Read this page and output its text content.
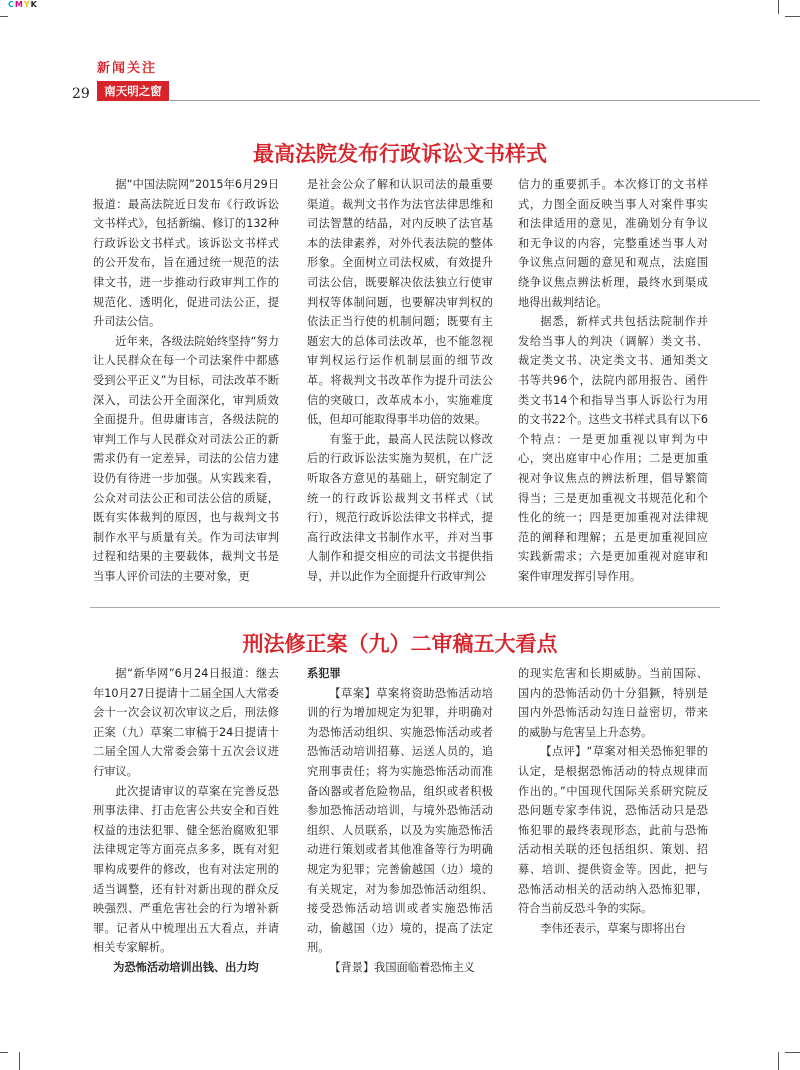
CMYK
新闻关注
29	南天明之窗
最高法院发布行政诉讼文书样式

据“中国法院网”2015年6月29日报道：最高法院近日发布《行政诉讼文书样式》，包括新编、修订的132种行政诉讼文书样式。该诉讼文书样式的公开发布，旨在通过统一规范的法律文书，进一步推动行政审判工作的规范化、透明化，促进司法公正，提升司法公信。

近年来，各级法院始终坚持“努力让人民群众在每一个司法案件中都感受到公平正义”为目标，司法改革不断深入，司法公开全面深化，审判质效全面提升。但毋庸讳言，各级法院的审判工作与人民群众对司法公正的新需求仍有一定差异，司法的公信力建设仍有待进一步加强。从实践来看，公众对司法公正和司法公信的质疑，既有实体裁判的原因，也与裁判文书制作水平与质量有关。作为司法审判过程和结果的主要载体，裁判文书是当事人评价司法的主要对象，更

是社会公众了解和认识司法的最重要渠道。裁判文书作为法官法律思维和司法智慧的结晶，对内反映了法官基本的法律素养，对外代表法院的整体形象。全面树立司法权威，有效提升司法公信，既要解决依法独立行使审判权等体制问题，也要解决审判权的依法正当行使的机制问题；既要有主题宏大的总体司法改革，也不能忽视审判权运行运作机制层面的细节改革。将裁判文书改革作为提升司法公信的突破口，改革成本小，实施难度低，但却可能取得事半功倍的效果。

有鉴于此，最高人民法院以修改后的行政诉讼法实施为契机，在广泛听取各方意见的基础上，研究制定了统一的行政诉讼裁判文书样式（试行），规范行政诉讼法律文书样式，提高行政法律文书制作水平，并对当事人制作和提交相应的司法文书提供指导，并以此作为全面提升行政审判公

信力的重要抓手。本次修订的文书样式，力图全面反映当事人对案件事实和法律适用的意见，准确划分有争议和无争议的内容，完整重述当事人对争议焦点问题的意见和观点，法庭围绕争议焦点辨法析理，最终水到渠成地得出裁判结论。

据悉，新样式共包括法院制作并发给当事人的判决（调解）类文书、裁定类文书、决定类文书、通知类文书等共96个，法院内部用报告、函件类文书14个和指导当事人诉讼行为用的文书22个。这些文书样式具有以下6个特点：一是更加重视以审判为中心，突出庭审中心作用；二是更加重视对争议焦点的辨法析理，倡导繁简得当；三是更加重视文书规范化和个性化的统一；四是更加重视对法律规范的阐释和理解；五是更加重视回应实践新需求；六是更加重视对庭审和案件审理发挥引导作用。

刑法修正案（九）二审稿五大看点

据“新华网”6月24日报道：继去年10月27日提请十二届全国人大常委会十一次会议初次审议之后，刑法修正案（九）草案二审稿于24日提请十二届全国人大常委会第十五次会议进行审议。

此次提请审议的草案在完善反恐刑事法律、打击危害公共安全和百姓权益的违法犯罪、健全惩治腐败犯罪法律规定等方面亮点多多，既有对犯罪构成要件的修改，也有对法定刑的适当调整，还有针对新出现的群众反映强烈、严重危害社会的行为增补新罪。记者从中梳理出五大看点，并请相关专家解析。

为恐怖活动培训出钱、出力均

系犯罪

【草案】草案将资助恐怖活动培训的行为增加规定为犯罪，并明确对为恐怖活动组织、实施恐怖活动或者恐怖活动培训招募、运送人员的，追究刑事责任；将为实施恐怖活动而准备凶器或者危险物品，组织或者积极参加恐怖活动培训，与境外恐怖活动组织、人员联系，以及为实施恐怖活动进行策划或者其他准备等行为明确规定为犯罪；完善偷越国（边）境的有关规定，对为参加恐怖活动组织、接受恐怖活动培训或者实施恐怖活动，偷越国（边）境的，提高了法定刑。

【背景】我国面临着恐怖主义

的现实危害和长期威胁。当前国际、国内的恐怖活动仍十分猖獗，特别是国内外恐怖活动勾连日益密切，带来的威胁与危害呈上升态势。

【点评】“草案对相关恐怖犯罪的认定，是根据恐怖活动的特点规律而作出的。”中国现代国际关系研究院反恐问题专家李伟说，恐怖活动只是恐怖犯罪的最终表现形态，此前与恐怖活动相关联的还包括组织、策划、招募、培训、提供资金等。因此，把与恐怖活动相关的活动纳入恐怖犯罪，符合当前反恐斗争的实际。

李伟还表示，草案与即将出台
